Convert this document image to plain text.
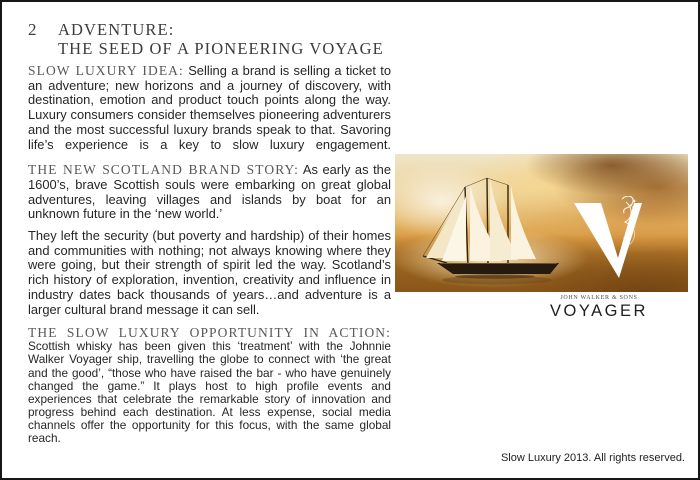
2	ADVENTURE:
THE SEED OF A PIONEERING VOYAGE

SLOW LUXURY IDEA: Selling a brand is selling a ticket to an adventure; new horizons and a journey of discovery, with destination, emotion and product touch points along the way. Luxury consumers consider themselves pioneering adventurers and the most successful luxury brands speak to that. Savoring life’s experience is a key to slow luxury engagement.

THE NEW SCOTLAND BRAND STORY: As early as the 1600’s, brave Scottish souls were embarking on great global adventures, leaving villages and islands by boat for an unknown future in the ‘new world.’

They left the security (but poverty and hardship) of their homes and communities with nothing; not always knowing where they were going, but their strength of spirit led the way. Scotland’s rich history of exploration, invention, creativity and influence in industry dates back thousands of years…and adventure is a larger cultural brand message it can sell.

THE SLOW LUXURY OPPORTUNITY IN ACTION: Scottish whisky has been given this ‘treatment’ with the Johnnie Walker Voyager ship, travelling the globe to connect with ‘the great and the good’, “those who have raised the bar - who have genuinely changed the game.” It plays host to high profile events and experiences that celebrate the remarkable story of innovation and progress behind each destination. At less expense, social media channels offer the opportunity for this focus, with the same global reach.

JOHN WALKER & SONS
VOYAGER
Slow Luxury 2013. All rights reserved.
